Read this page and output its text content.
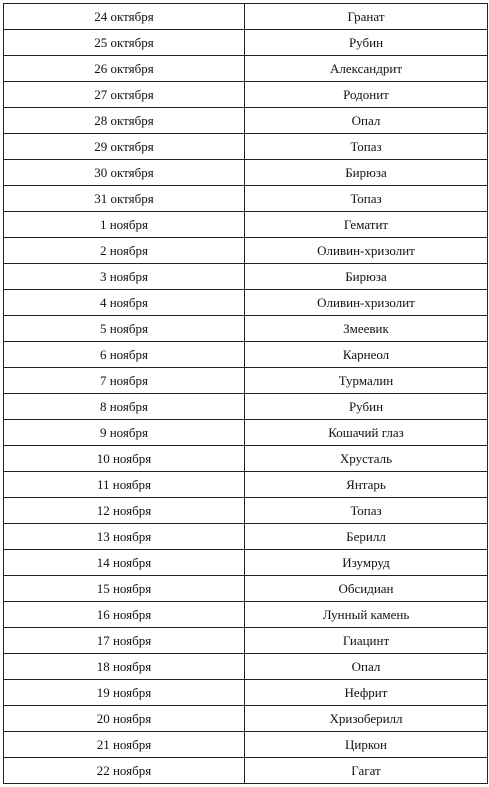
24 октября	Гранат
25 октября	Рубин
26 октября	Александрит
27 октября	Родонит
28 октября	Опал
29 октября	Топаз
30 октября	Бирюза
31 октября	Топаз
1 ноября	Гематит
2 ноября	Оливин-хризолит
3 ноября	Бирюза
4 ноября	Оливин-хризолит
5 ноября	Змеевик
6 ноября	Карнеол
7 ноября	Турмалин
8 ноября	Рубин
9 ноября	Кошачий глаз
10 ноября	Хрусталь
11 ноября	Янтарь
12 ноября	Топаз
13 ноября	Берилл
14 ноября	Изумруд
15 ноября	Обсидиан
16 ноября	Лунный камень
17 ноября	Гиацинт
18 ноября	Опал
19 ноября	Нефрит
20 ноября	Хризоберилл
21 ноября	Циркон
22 ноября	Гагат
